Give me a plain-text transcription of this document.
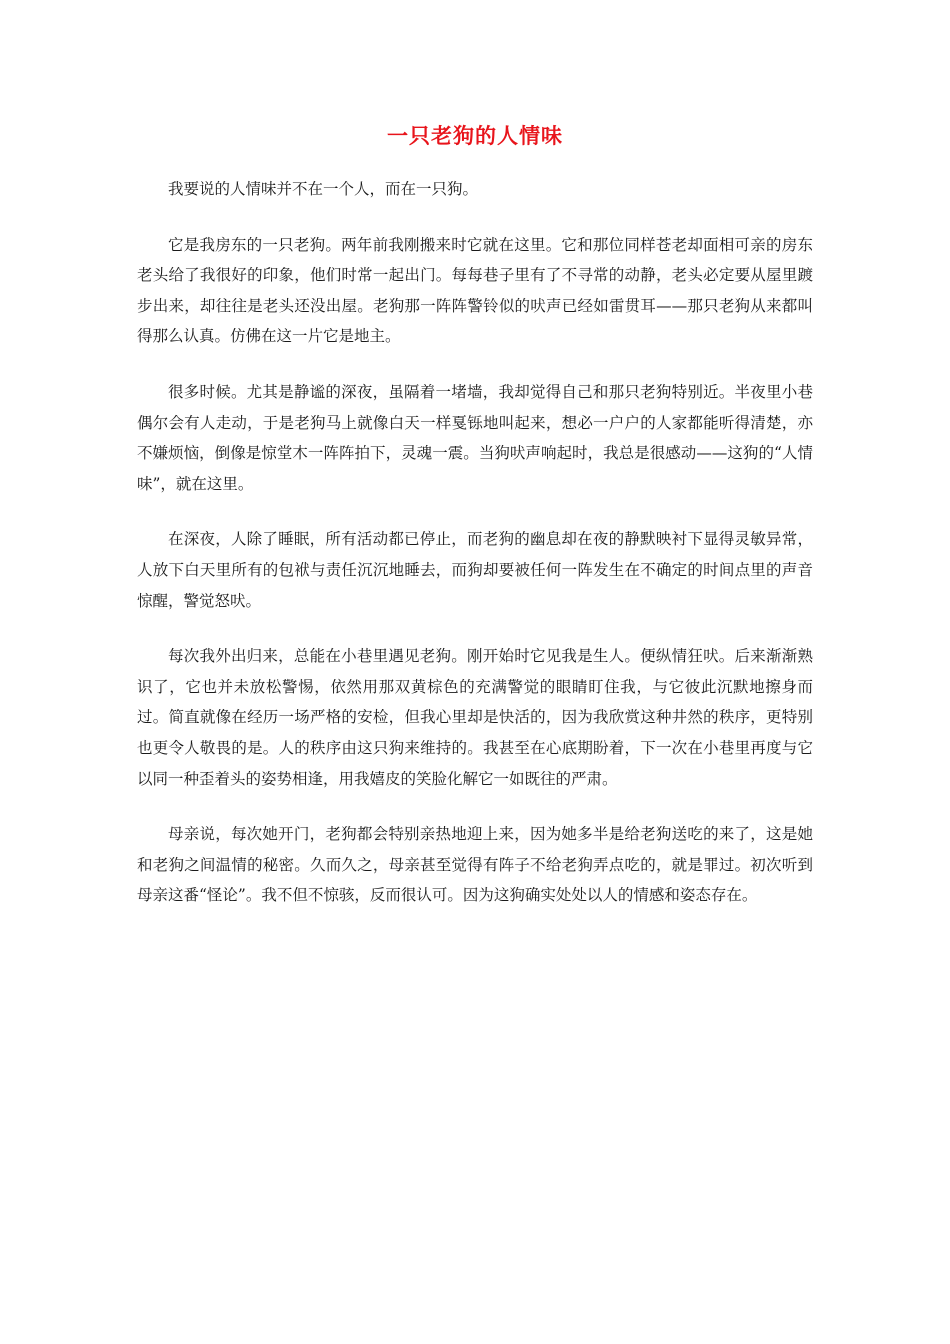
一只老狗的人情味

我要说的人情味并不在一个人，而在一只狗。

它是我房东的一只老狗。两年前我刚搬来时它就在这里。它和那位同样苍老却面相可亲的房东老头给了我很好的印象，他们时常一起出门。每每巷子里有了不寻常的动静，老头必定要从屋里踱步出来，却往往是老头还没出屋。老狗那一阵阵警铃似的吠声已经如雷贯耳——那只老狗从来都叫得那么认真。仿佛在这一片它是地主。

很多时候。尤其是静谧的深夜，虽隔着一堵墙，我却觉得自己和那只老狗特别近。半夜里小巷偶尔会有人走动，于是老狗马上就像白天一样戛铄地叫起来，想必一户户的人家都能听得清楚，亦不嫌烦恼，倒像是惊堂木一阵阵拍下，灵魂一震。当狗吠声响起时，我总是很感动——这狗的“人情味”，就在这里。

在深夜，人除了睡眠，所有活动都已停止，而老狗的幽息却在夜的静默映衬下显得灵敏异常，人放下白天里所有的包袱与责任沉沉地睡去，而狗却要被任何一阵发生在不确定的时间点里的声音惊醒，警觉怒吠。

每次我外出归来，总能在小巷里遇见老狗。刚开始时它见我是生人。便纵情狂吠。后来渐渐熟识了，它也并未放松警惕，依然用那双黄棕色的充满警觉的眼睛盯住我，与它彼此沉默地擦身而过。简直就像在经历一场严格的安检，但我心里却是快活的，因为我欣赏这种井然的秩序，更特别也更令人敬畏的是。人的秩序由这只狗来维持的。我甚至在心底期盼着，下一次在小巷里再度与它以同一种歪着头的姿势相逢，用我嬉皮的笑脸化解它一如既往的严肃。

母亲说，每次她开门，老狗都会特别亲热地迎上来，因为她多半是给老狗送吃的来了，这是她和老狗之间温情的秘密。久而久之，母亲甚至觉得有阵子不给老狗弄点吃的，就是罪过。初次听到母亲这番“怪论”。我不但不惊骇，反而很认可。因为这狗确实处处以人的情感和姿态存在。
